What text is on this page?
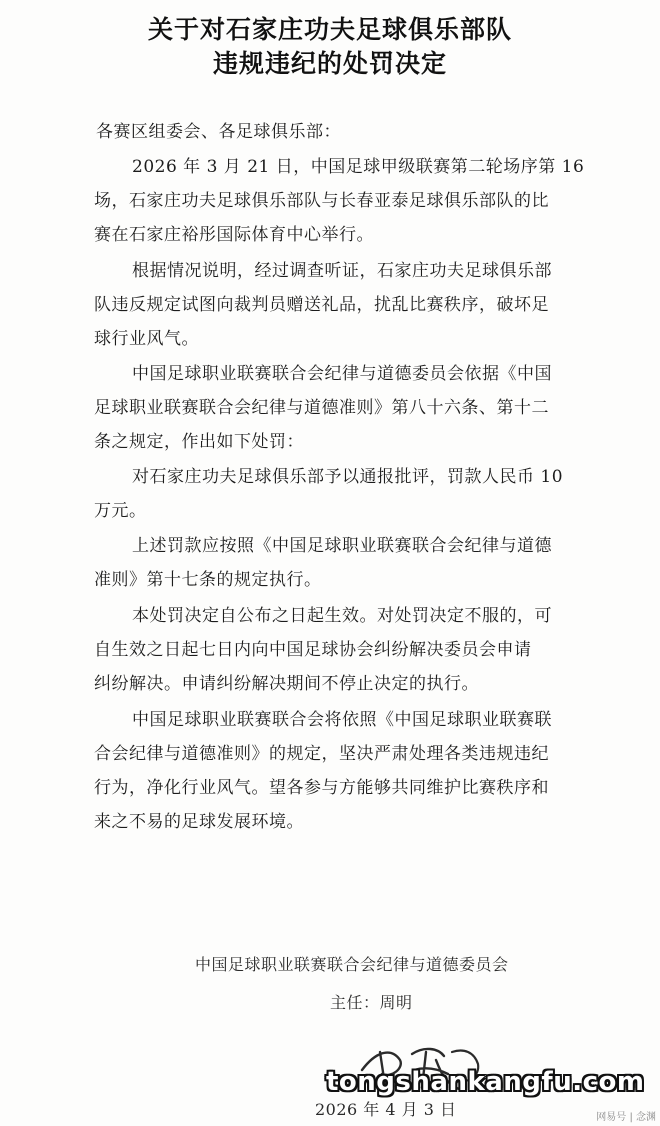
关于对石家庄功夫足球俱乐部队
违规违纪的处罚决定
各赛区组委会、各足球俱乐部：
2026 年 3 月 21 日，中国足球甲级联赛第二轮场序第 16
场，石家庄功夫足球俱乐部队与长春亚泰足球俱乐部队的比
赛在石家庄裕彤国际体育中心举行。
根据情况说明，经过调查听证，石家庄功夫足球俱乐部
队违反规定试图向裁判员赠送礼品，扰乱比赛秩序，破坏足
球行业风气。
中国足球职业联赛联合会纪律与道德委员会依据《中国
足球职业联赛联合会纪律与道德准则》第八十六条、第十二
条之规定，作出如下处罚：
对石家庄功夫足球俱乐部予以通报批评，罚款人民币 10
万元。
上述罚款应按照《中国足球职业联赛联合会纪律与道德
准则》第十七条的规定执行。
本处罚决定自公布之日起生效。对处罚决定不服的，可
自生效之日起七日内向中国足球协会纠纷解决委员会申请
纠纷解决。申请纠纷解决期间不停止决定的执行。
中国足球职业联赛联合会将依照《中国足球职业联赛联
合会纪律与道德准则》的规定，坚决严肃处理各类违规违纪
行为，净化行业风气。望各参与方能够共同维护比赛秩序和
来之不易的足球发展环境。
中国足球职业联赛联合会纪律与道德委员会
主任：周明
2026 年 4 月 3 日
tongshankangfu.com
网易号 | 念渊
